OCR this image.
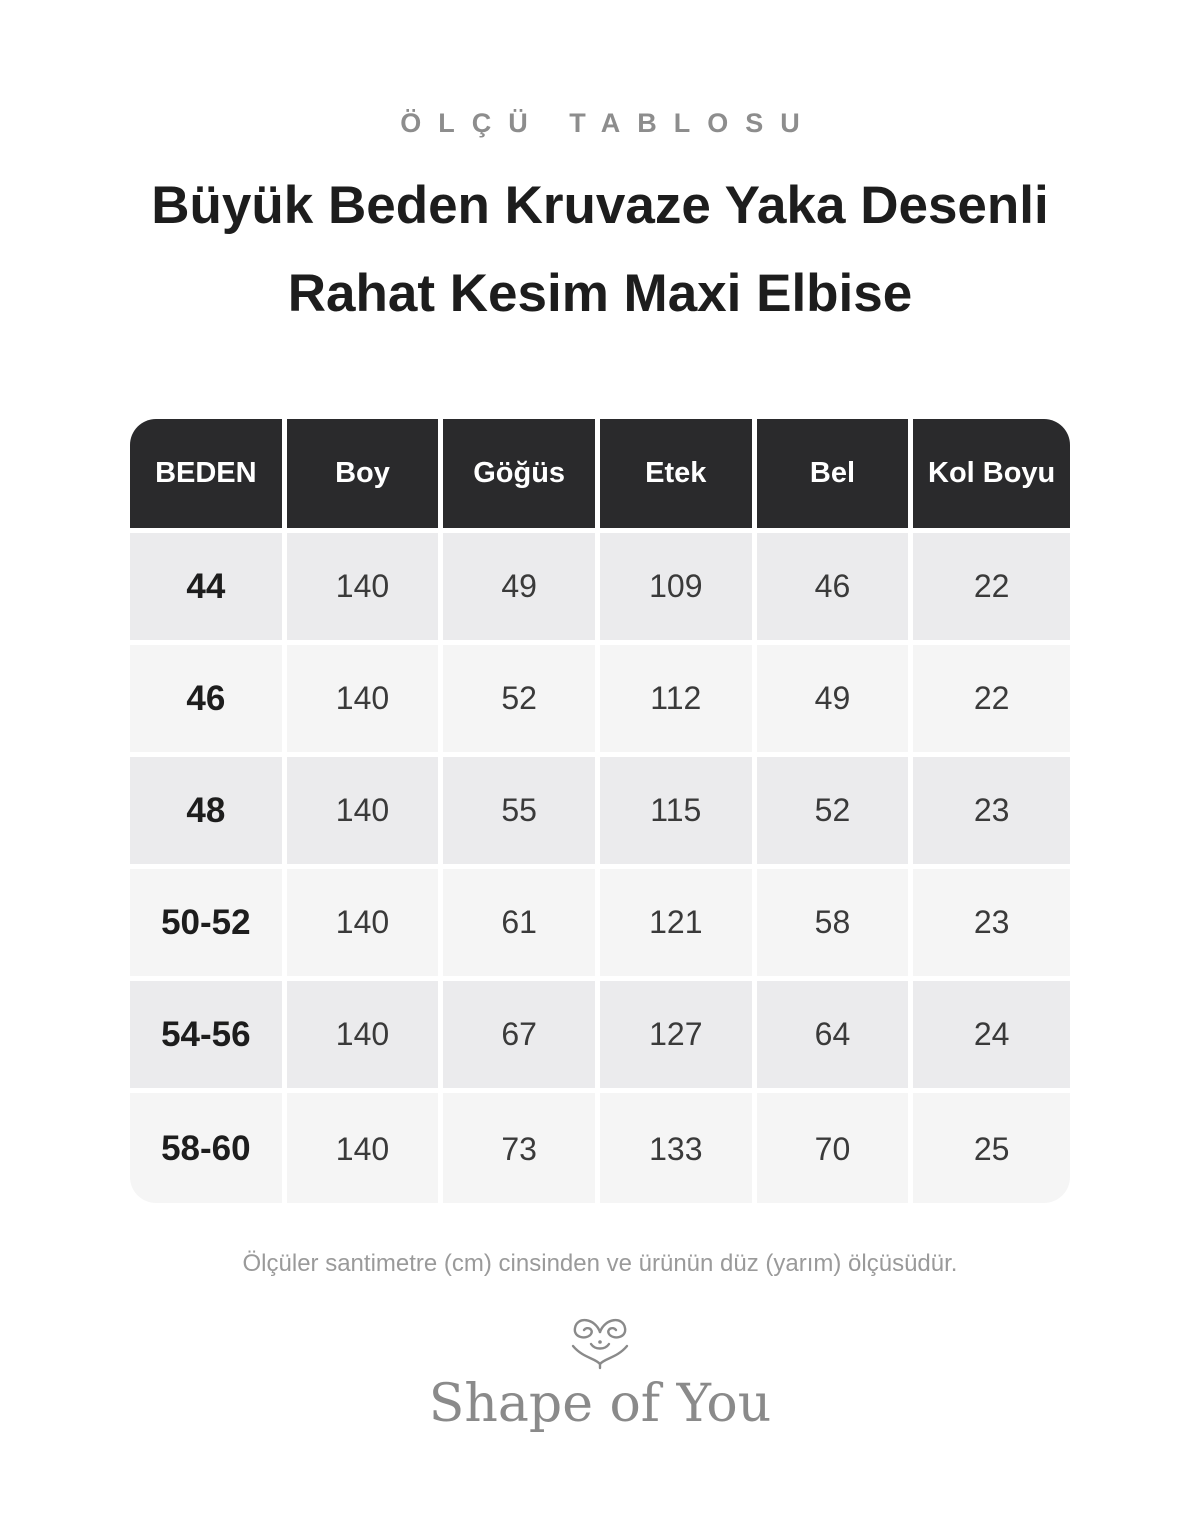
ÖLÇÜ TABLOSU
Büyük Beden Kruvaze Yaka Desenli
Rahat Kesim Maxi Elbise
BEDEN	Boy	Göğüs	Etek	Bel	Kol Boyu
44	140	49	109	46	22
46	140	52	112	49	22
48	140	55	115	52	23
50-52	140	61	121	58	23
54-56	140	67	127	64	24
58-60	140	73	133	70	25
Ölçüler santimetre (cm) cinsinden ve ürünün düz (yarım) ölçüsüdür.
Shape of You
